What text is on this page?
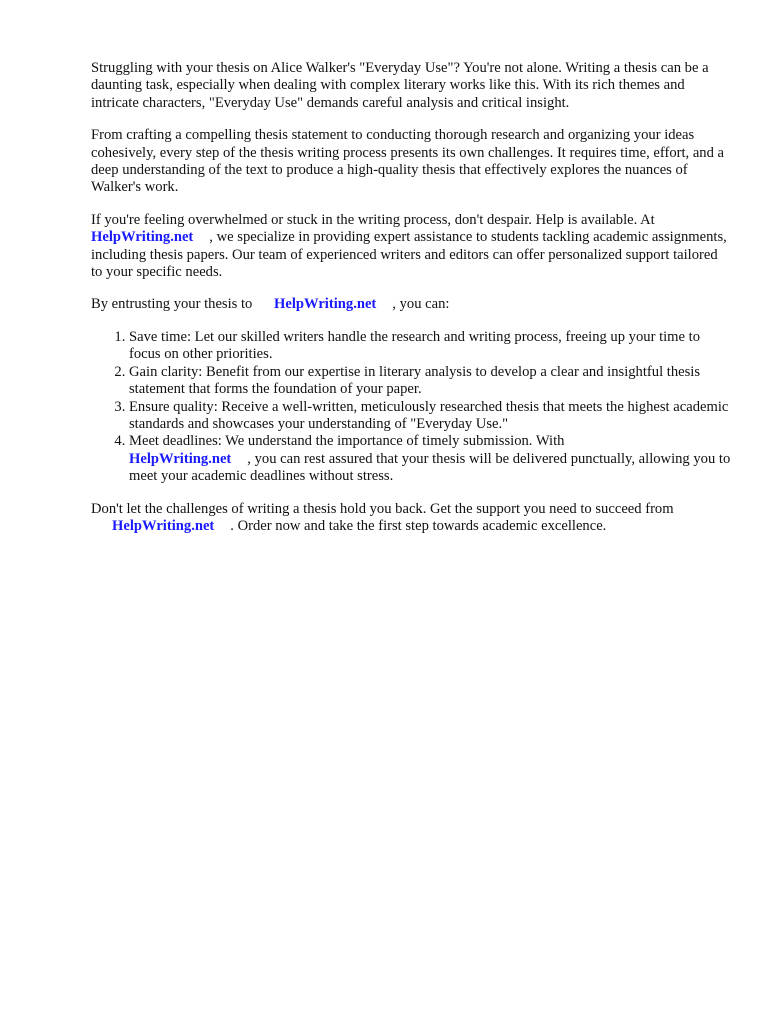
Struggling with your thesis on Alice Walker's "Everyday Use"? You're not alone. Writing a thesis can be a daunting task, especially when dealing with complex literary works like this. With its rich themes and intricate characters, "Everyday Use" demands careful analysis and critical insight.

From crafting a compelling thesis statement to conducting thorough research and organizing your ideas cohesively, every step of the thesis writing process presents its own challenges. It requires time, effort, and a deep understanding of the text to produce a high-quality thesis that effectively explores the nuances of Walker's work.

If you're feeling overwhelmed or stuck in the writing process, don't despair. Help is available. At
HelpWriting.net , we specialize in providing expert assistance to students tackling academic assignments, including thesis papers. Our team of experienced writers and editors can offer personalized support tailored to your specific needs.

By entrusting your thesis to HelpWriting.net , you can:

1. Save time: Let our skilled writers handle the research and writing process, freeing up your time to focus on other priorities.
2. Gain clarity: Benefit from our expertise in literary analysis to develop a clear and insightful thesis statement that forms the foundation of your paper.
3. Ensure quality: Receive a well-written, meticulously researched thesis that meets the highest academic standards and showcases your understanding of "Everyday Use."
4. Meet deadlines: We understand the importance of timely submission. With
HelpWriting.net , you can rest assured that your thesis will be delivered punctually, allowing you to meet your academic deadlines without stress.

Don't let the challenges of writing a thesis hold you back. Get the support you need to succeed from
HelpWriting.net . Order now and take the first step towards academic excellence.
